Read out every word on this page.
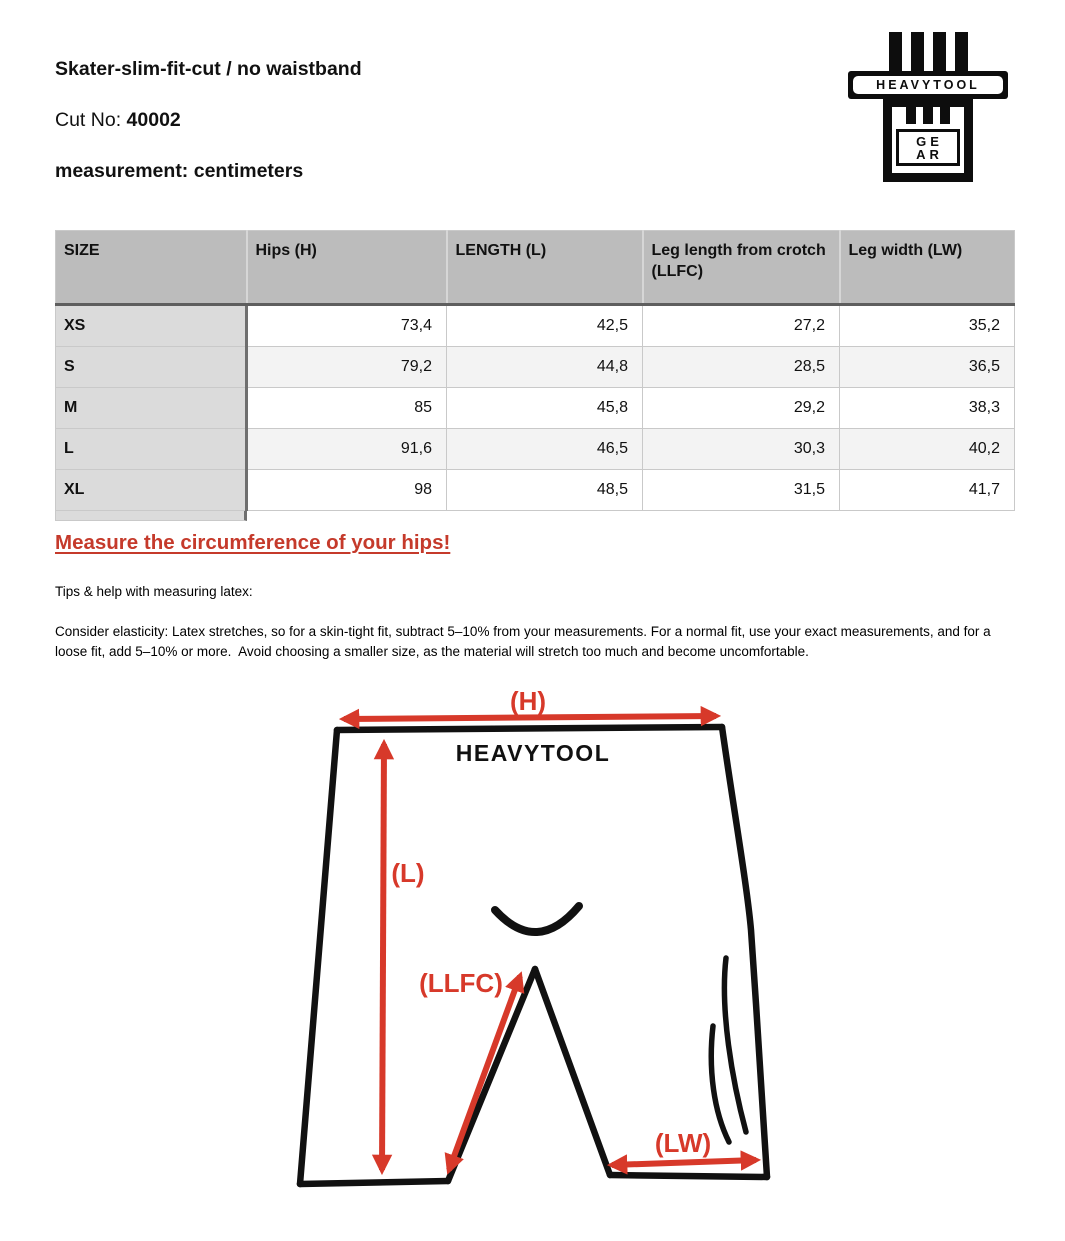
Skater-slim-fit-cut / no waistband
Cut No: 40002
measurement: centimeters
HEAVYTOOL
GE
AR
SIZE	Hips (H)	LENGTH (L)	Leg length from crotch (LLFC)	Leg width (LW)
XS	73,4	42,5	27,2	35,2
S	79,2	44,8	28,5	36,5
M	85	45,8	29,2	38,3
L	91,6	46,5	30,3	40,2
XL	98	48,5	31,5	41,7
Measure the circumference of your hips!
Tips & help with measuring latex:
Consider elasticity: Latex stretches, so for a skin-tight fit, subtract 5–10% from your measurements. For a normal fit, use your exact measurements, and for a loose fit, add 5–10% or more.  Avoid choosing a smaller size, as the material will stretch too much and become uncomfortable.
(H)
HEAVYTOOL
(L)
(LLFC)
(LW)
